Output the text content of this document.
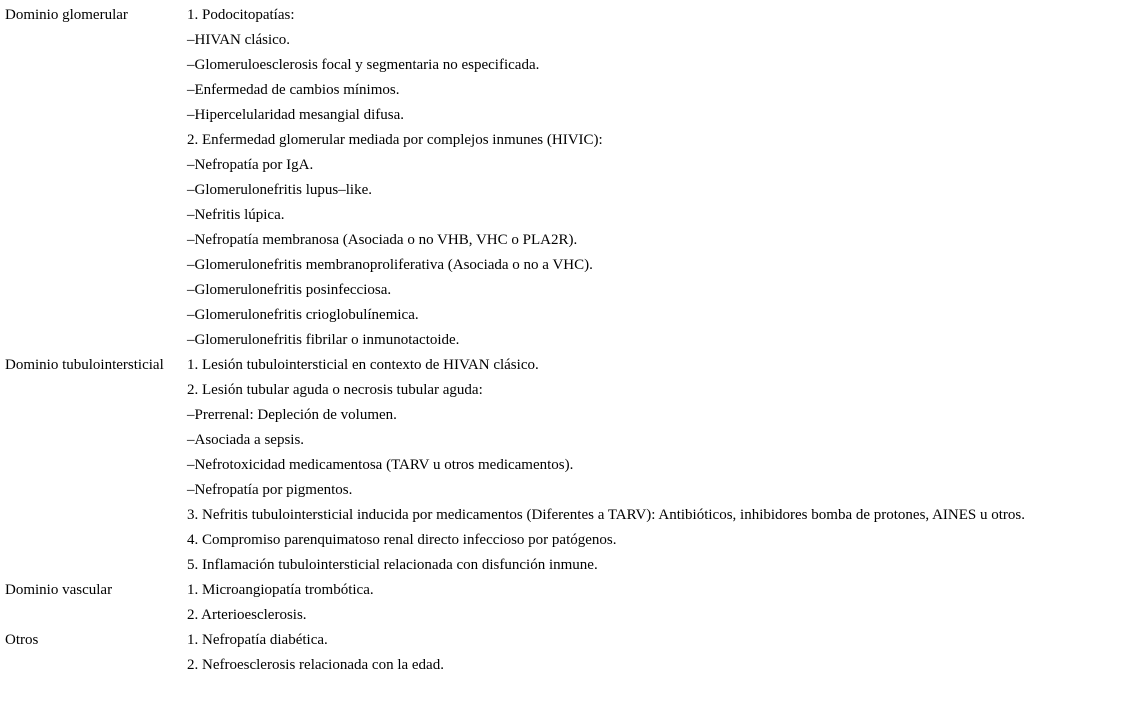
Dominio glomerular	1. Podocitopatías:

–HIVAN clásico.

–Glomeruloesclerosis focal y segmentaria no especificada.

–Enfermedad de cambios mínimos.

–Hipercelularidad mesangial difusa.

2. Enfermedad glomerular mediada por complejos inmunes (HIVIC):

–Nefropatía por IgA.

–Glomerulonefritis lupus–like.

–Nefritis lúpica.

–Nefropatía membranosa (Asociada o no VHB, VHC o PLA2R).

–Glomerulonefritis membranoproliferativa (Asociada o no a VHC).

–Glomerulonefritis posinfecciosa.

–Glomerulonefritis crioglobulínemica.

–Glomerulonefritis fibrilar o inmunotactoide.

Dominio tubulointersticial	1. Lesión tubulointersticial en contexto de HIVAN clásico.

2. Lesión tubular aguda o necrosis tubular aguda:

–Prerrenal: Depleción de volumen.

–Asociada a sepsis.

–Nefrotoxicidad medicamentosa (TARV u otros medicamentos).

–Nefropatía por pigmentos.

3. Nefritis tubulointersticial inducida por medicamentos (Diferentes a TARV): Antibióticos, inhibidores bomba de protones, AINES u otros.

4. Compromiso parenquimatoso renal directo infeccioso por patógenos.

5. Inflamación tubulointersticial relacionada con disfunción inmune.

Dominio vascular	1. Microangiopatía trombótica.

2. Arterioesclerosis.

Otros	1. Nefropatía diabética.

2. Nefroesclerosis relacionada con la edad.
